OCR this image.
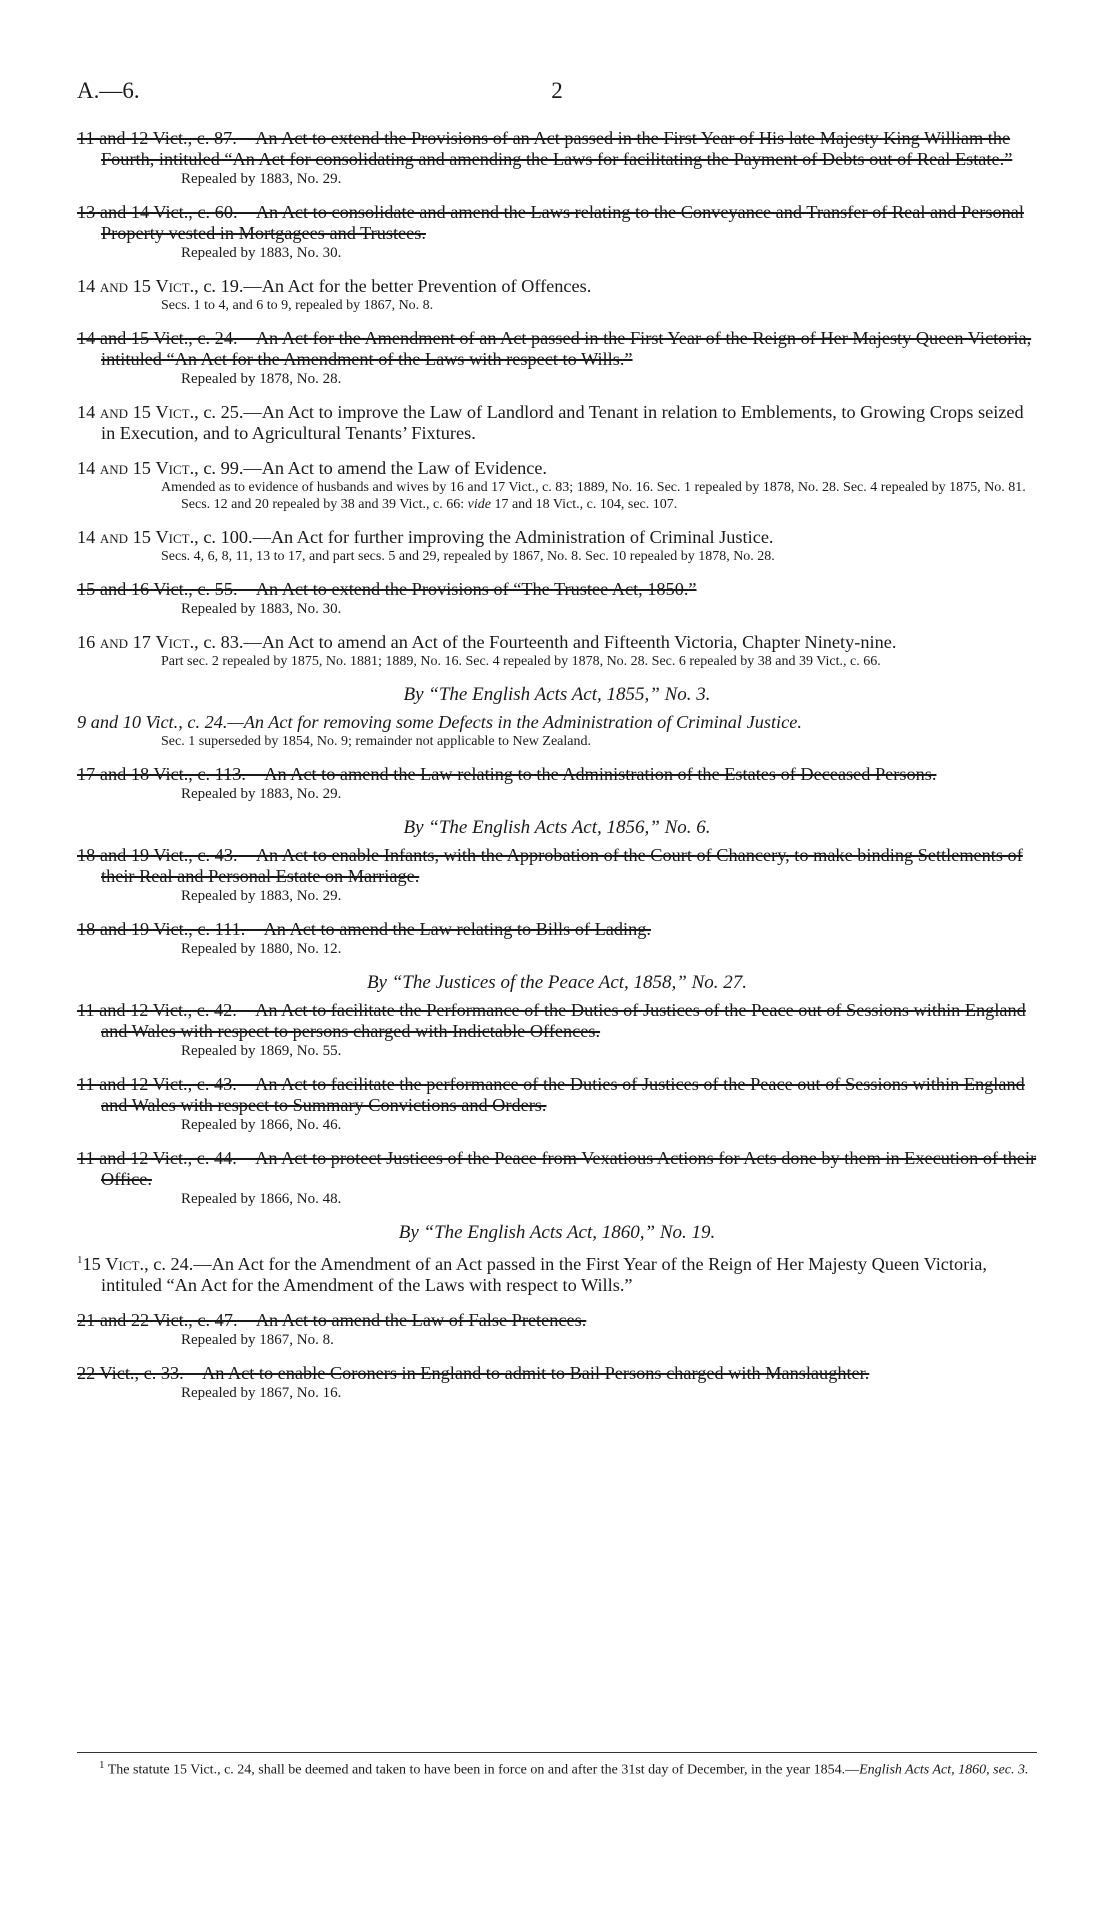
A.—6.	2
11 and 12 Vict., c. 87.—An Act to extend the Provisions of an Act passed in the First Year of His late Majesty King William the Fourth, intituled “An Act for consolidating and amending the Laws for facilitating the Payment of Debts out of Real Estate.”
Repealed by 1883, No. 29.
13 and 14 Vict., c. 60.—An Act to consolidate and amend the Laws relating to the Conveyance and Transfer of Real and Personal Property vested in Mortgagees and Trustees.
Repealed by 1883, No. 30.
14 and 15 Vict., c. 19.—An Act for the better Prevention of Offences.
Secs. 1 to 4, and 6 to 9, repealed by 1867, No. 8.
14 and 15 Vict., c. 24.—An Act for the Amendment of an Act passed in the First Year of the Reign of Her Majesty Queen Victoria, intituled “An Act for the Amendment of the Laws with respect to Wills.”
Repealed by 1878, No. 28.
14 and 15 Vict., c. 25.—An Act to improve the Law of Landlord and Tenant in relation to Emblements, to Growing Crops seized in Execution, and to Agricultural Tenants’ Fixtures.
14 and 15 Vict., c. 99.—An Act to amend the Law of Evidence.
Amended as to evidence of husbands and wives by 16 and 17 Vict., c. 83; 1889, No. 16. Sec. 1 repealed by 1878, No. 28. Sec. 4 repealed by 1875, No. 81. Secs. 12 and 20 repealed by 38 and 39 Vict., c. 66: vide 17 and 18 Vict., c. 104, sec. 107.
14 and 15 Vict., c. 100.—An Act for further improving the Administration of Criminal Justice.
Secs. 4, 6, 8, 11, 13 to 17, and part secs. 5 and 29, repealed by 1867, No. 8. Sec. 10 repealed by 1878, No. 28.
15 and 16 Vict., c. 55.—An Act to extend the Provisions of “The Trustee Act, 1850.”
Repealed by 1883, No. 30.
16 and 17 Vict., c. 83.—An Act to amend an Act of the Fourteenth and Fifteenth Victoria, Chapter Ninety-nine.
Part sec. 2 repealed by 1875, No. 1881; 1889, No. 16. Sec. 4 repealed by 1878, No. 28. Sec. 6 repealed by 38 and 39 Vict., c. 66.
By “The English Acts Act, 1855,” No. 3.
9 and 10 Vict., c. 24.—An Act for removing some Defects in the Administration of Criminal Justice.
Sec. 1 superseded by 1854, No. 9; remainder not applicable to New Zealand.
17 and 18 Vict., c. 113.—An Act to amend the Law relating to the Administration of the Estates of Deceased Persons.
Repealed by 1883, No. 29.
By “The English Acts Act, 1856,” No. 6.
18 and 19 Vict., c. 43.—An Act to enable Infants, with the Approbation of the Court of Chancery, to make binding Settlements of their Real and Personal Estate on Marriage.
Repealed by 1883, No. 29.
18 and 19 Vict., c. 111.—An Act to amend the Law relating to Bills of Lading.
Repealed by 1880, No. 12.
By “The Justices of the Peace Act, 1858,” No. 27.
11 and 12 Vict., c. 42.—An Act to facilitate the Performance of the Duties of Justices of the Peace out of Sessions within England and Wales with respect to persons charged with Indictable Offences.
Repealed by 1869, No. 55.
11 and 12 Vict., c. 43.—An Act to facilitate the performance of the Duties of Justices of the Peace out of Sessions within England and Wales with respect to Summary Convictions and Orders.
Repealed by 1866, No. 46.
11 and 12 Vict., c. 44.—An Act to protect Justices of the Peace from Vexatious Actions for Acts done by them in Execution of their Office.
Repealed by 1866, No. 48.
By “The English Acts Act, 1860,” No. 19.
$^1$15 Vict., c. 24.—An Act for the Amendment of an Act passed in the First Year of the Reign of Her Majesty Queen Victoria, intituled “An Act for the Amendment of the Laws with respect to Wills.”
21 and 22 Vict., c. 47.—An Act to amend the Law of False Pretences.
Repealed by 1867, No. 8.
22 Vict., c. 33.—An Act to enable Coroners in England to admit to Bail Persons charged with Manslaughter.
Repealed by 1867, No. 16.
$^1$ The statute 15 Vict., c. 24, shall be deemed and taken to have been in force on and after the 31st day of December, in the year 1854.—English Acts Act, 1860, sec. 3.
